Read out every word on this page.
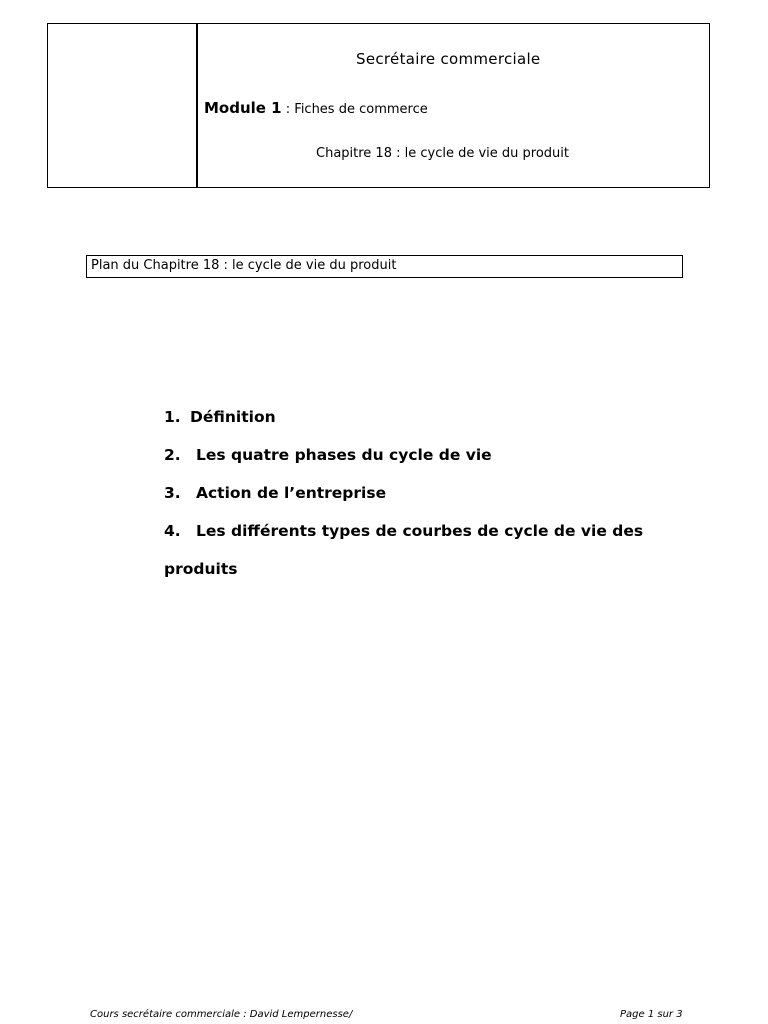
Secrétaire commerciale
Module 1 : Fiches de commerce
Chapitre 18 : le cycle de vie du produit
Plan du Chapitre 18 : le cycle de vie du produit
1. Définition
2. Les quatre phases du cycle de vie
3. Action de l’entreprise
4. Les différents types de courbes de cycle de vie des
produits
Cours secrétaire commerciale : David Lempernesse/	Page 1 sur 3
